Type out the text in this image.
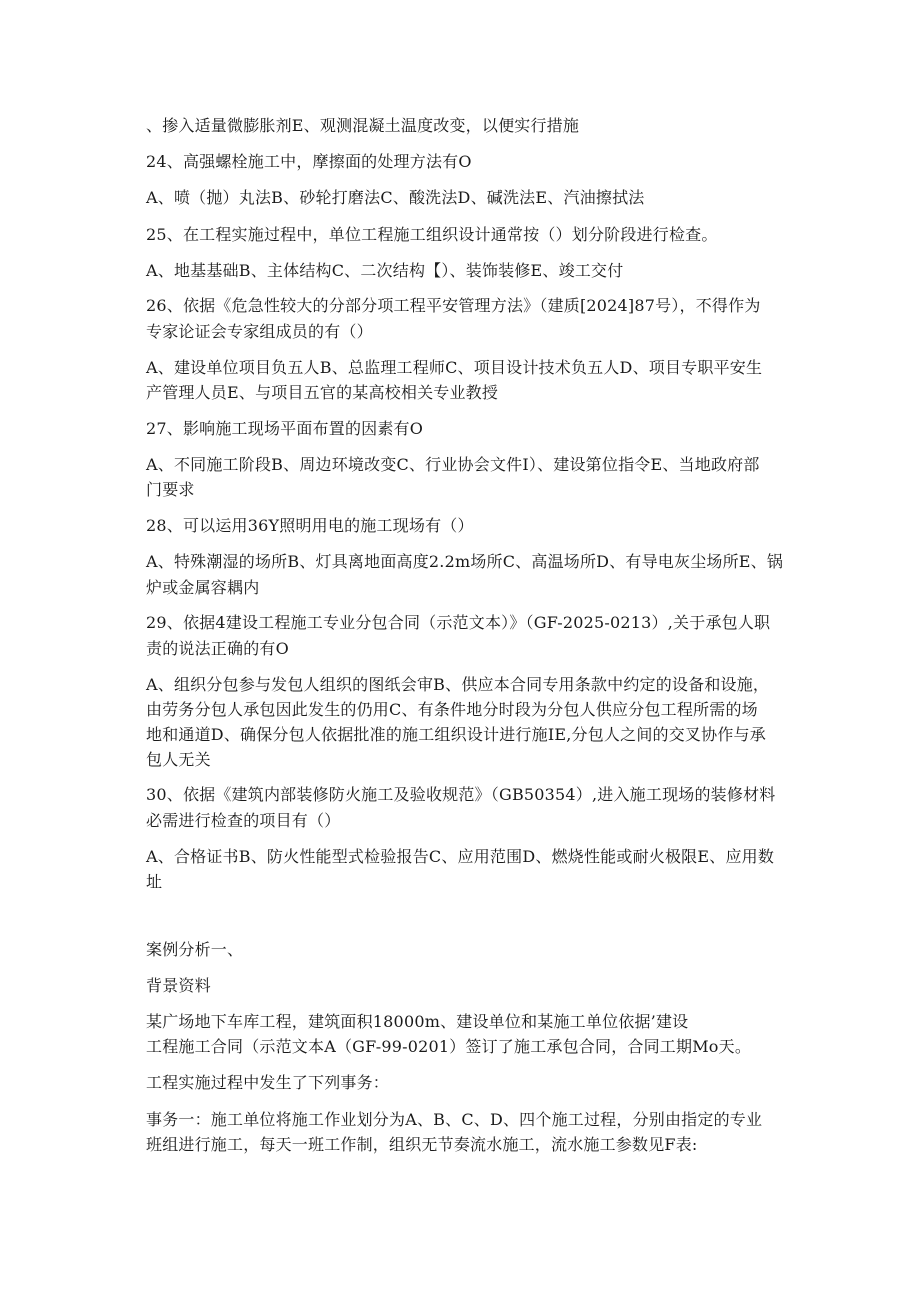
、掺入适量微膨胀剂E、观测混凝土温度改变，以便实行措施
24、高强螺栓施工中，摩擦面的处理方法有O
A、喷（抛）丸法B、砂轮打磨法C、酸洗法D、碱洗法E、汽油擦拭法
25、在工程实施过程中，单位工程施工组织设计通常按（）划分阶段进行检查。
A、地基基础B、主体结构C、二次结构【）、装饰装修E、竣工交付
26、依据《危急性较大的分部分项工程平安管理方法》（建质[2024]87号），不得作为
专家论证会专家组成员的有（）
A、建设单位项目负五人B、总监理工程师C、项目设计技术负五人D、项目专职平安生
产管理人员E、与项目五官的某高校相关专业教授
27、影响施工现场平面布置的因素有O
A、不同施工阶段B、周边环境改变C、行业协会文件I）、建设第位指令E、当地政府部
门要求
28、可以运用36Y照明用电的施工现场有（）
A、特殊潮湿的场所B、灯具离地面高度2.2m场所C、高温场所D、有导电灰尘场所E、锅
炉或金属容耦内
29、依据4建设工程施工专业分包合同（示范文本）》（GF-2025-0213）,关于承包人职
责的说法正确的有O
A、组织分包参与发包人组织的图纸会审B、供应本合同专用条款中约定的设备和设施，
由劳务分包人承包因此发生的仍用C、有条件地分时段为分包人供应分包工程所需的场
地和通道D、确保分包人依据批准的施工组织设计进行施IE,分包人之间的交叉协作与承
包人无关
30、依据《建筑内部装修防火施工及验收规范》（GB50354）,进入施工现场的装修材料
必需进行检查的项目有（）
A、合格证书B、防火性能型式检验报告C、应用范围D、燃烧性能或耐火极限E、应用数
址
案例分析一、
背景资料
某广场地下车库工程，建筑面积18000m、建设单位和某施工单位依据’建设
工程施工合同（示范文本A（GF-99-0201）签订了施工承包合同，合同工期Mo天。
工程实施过程中发生了下列事务：
事务一：施工单位将施工作业划分为A、B、C、D、四个施工过程，分别由指定的专业
班组进行施工，每天一班工作制，组织无节奏流水施工，流水施工参数见F表:
